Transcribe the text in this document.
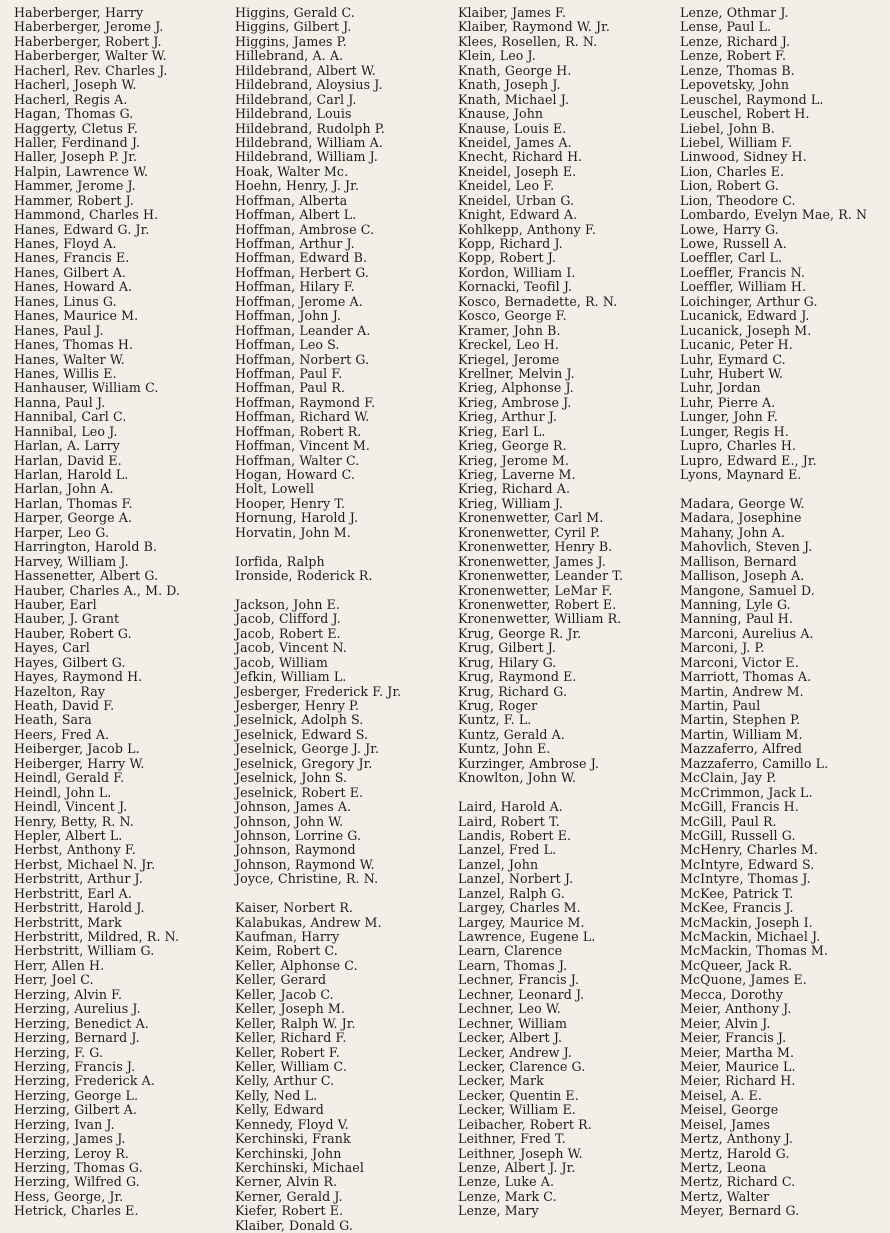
Haberberger, Harry
Haberberger, Jerome J.
Haberberger, Robert J.
Haberberger, Walter W.
Hacherl, Rev. Charles J.
Hacherl, Joseph W.
Hacherl, Regis A.
Hagan, Thomas G.
Haggerty, Cletus F.
Haller, Ferdinand J.
Haller, Joseph P. Jr.
Halpin, Lawrence W.
Hammer, Jerome J.
Hammer, Robert J.
Hammond, Charles H.
Hanes, Edward G. Jr.
Hanes, Floyd A.
Hanes, Francis E.
Hanes, Gilbert A.
Hanes, Howard A.
Hanes, Linus G.
Hanes, Maurice M.
Hanes, Paul J.
Hanes, Thomas H.
Hanes, Walter W.
Hanes, Willis E.
Hanhauser, William C.
Hanna, Paul J.
Hannibal, Carl C.
Hannibal, Leo J.
Harlan, A. Larry
Harlan, David E.
Harlan, Harold L.
Harlan, John A.
Harlan, Thomas F.
Harper, George A.
Harper, Leo G.
Harrington, Harold B.
Harvey, William J.
Hassenetter, Albert G.
Hauber, Charles A., M. D.
Hauber, Earl
Hauber, J. Grant
Hauber, Robert G.
Hayes, Carl
Hayes, Gilbert G.
Hayes, Raymond H.
Hazelton, Ray
Heath, David F.
Heath, Sara
Heers, Fred A.
Heiberger, Jacob L.
Heiberger, Harry W.
Heindl, Gerald F.
Heindl, John L.
Heindl, Vincent J.
Henry, Betty, R. N.
Hepler, Albert L.
Herbst, Anthony F.
Herbst, Michael N. Jr.
Herbstritt, Arthur J.
Herbstritt, Earl A.
Herbstritt, Harold J.
Herbstritt, Mark
Herbstritt, Mildred, R. N.
Herbstritt, William G.
Herr, Allen H.
Herr, Joel C.
Herzing, Alvin F.
Herzing, Aurelius J.
Herzing, Benedict A.
Herzing, Bernard J.
Herzing, F. G.
Herzing, Francis J.
Herzing, Frederick A.
Herzing, George L.
Herzing, Gilbert A.
Herzing, Ivan J.
Herzing, James J.
Herzing, Leroy R.
Herzing, Thomas G.
Herzing, Wilfred G.
Hess, George, Jr.
Hetrick, Charles E.
Higgins, Gerald C.
Higgins, Gilbert J.
Higgins, James P.
Hillebrand, A. A.
Hildebrand, Albert W.
Hildebrand, Aloysius J.
Hildebrand, Carl J.
Hildebrand, Louis
Hildebrand, Rudolph P.
Hildebrand, William A.
Hildebrand, William J.
Hoak, Walter Mc.
Hoehn, Henry, J. Jr.
Hoffman, Alberta
Hoffman, Albert L.
Hoffman, Ambrose C.
Hoffman, Arthur J.
Hoffman, Edward B.
Hoffman, Herbert G.
Hoffman, Hilary F.
Hoffman, Jerome A.
Hoffman, John J.
Hoffman, Leander A.
Hoffman, Leo S.
Hoffman, Norbert G.
Hoffman, Paul F.
Hoffman, Paul R.
Hoffman, Raymond F.
Hoffman, Richard W.
Hoffman, Robert R.
Hoffman, Vincent M.
Hoffman, Walter C.
Hogan, Howard C.
Holt, Lowell
Hooper, Henry T.
Hornung, Harold J.
Horvatin, John M.
Iorfida, Ralph
Ironside, Roderick R.
Jackson, John E.
Jacob, Clifford J.
Jacob, Robert E.
Jacob, Vincent N.
Jacob, William
Jefkin, William L.
Jesberger, Frederick F. Jr.
Jesberger, Henry P.
Jeselnick, Adolph S.
Jeselnick, Edward S.
Jeselnick, George J. Jr.
Jeselnick, Gregory Jr.
Jeselnick, John S.
Jeselnick, Robert E.
Johnson, James A.
Johnson, John W.
Johnson, Lorrine G.
Johnson, Raymond
Johnson, Raymond W.
Joyce, Christine, R. N.
Kaiser, Norbert R.
Kalabukas, Andrew M.
Kaufman, Harry
Keim, Robert C.
Keller, Alphonse C.
Keller, Gerard
Keller, Jacob C.
Keller, Joseph M.
Keller, Ralph W. Jr.
Keller, Richard F.
Keller, Robert F.
Keller, William C.
Kelly, Arthur C.
Kelly, Ned L.
Kelly, Edward
Kennedy, Floyd V.
Kerchinski, Frank
Kerchinski, John
Kerchinski, Michael
Kerner, Alvin R.
Kerner, Gerald J.
Kiefer, Robert E.
Klaiber, Donald G.
Klaiber, James F.
Klaiber, Raymond W. Jr.
Klees, Rosellen, R. N.
Klein, Leo J.
Knath, George H.
Knath, Joseph J.
Knath, Michael J.
Knause, John
Knause, Louis E.
Kneidel, James A.
Knecht, Richard H.
Kneidel, Joseph E.
Kneidel, Leo F.
Kneidel, Urban G.
Knight, Edward A.
Kohlkepp, Anthony F.
Kopp, Richard J.
Kopp, Robert J.
Kordon, William I.
Kornacki, Teofil J.
Kosco, Bernadette, R. N.
Kosco, George F.
Kramer, John B.
Kreckel, Leo H.
Kriegel, Jerome
Krellner, Melvin J.
Krieg, Alphonse J.
Krieg, Ambrose J.
Krieg, Arthur J.
Krieg, Earl L.
Krieg, George R.
Krieg, Jerome M.
Krieg, Laverne M.
Krieg, Richard A.
Krieg, William J.
Kronenwetter, Carl M.
Kronenwetter, Cyril P.
Kronenwetter, Henry B.
Kronenwetter, James J.
Kronenwetter, Leander T.
Kronenwetter, LeMar F.
Kronenwetter, Robert E.
Kronenwetter, William R.
Krug, George R. Jr.
Krug, Gilbert J.
Krug, Hilary G.
Krug, Raymond E.
Krug, Richard G.
Krug, Roger
Kuntz, F. L.
Kuntz, Gerald A.
Kuntz, John E.
Kurzinger, Ambrose J.
Knowlton, John W.
Laird, Harold A.
Laird, Robert T.
Landis, Robert E.
Lanzel, Fred L.
Lanzel, John
Lanzel, Norbert J.
Lanzel, Ralph G.
Largey, Charles M.
Largey, Maurice M.
Lawrence, Eugene L.
Learn, Clarence
Learn, Thomas J.
Lechner, Francis J.
Lechner, Leonard J.
Lechner, Leo W.
Lechner, William
Lecker, Albert J.
Lecker, Andrew J.
Lecker, Clarence G.
Lecker, Mark
Lecker, Quentin E.
Lecker, William E.
Leibacher, Robert R.
Leithner, Fred T.
Leithner, Joseph W.
Lenze, Albert J. Jr.
Lenze, Luke A.
Lenze, Mark C.
Lenze, Mary
Lenze, Othmar J.
Lense, Paul L.
Lenze, Richard J.
Lenze, Robert F.
Lenze, Thomas B.
Lepovetsky, John
Leuschel, Raymond L.
Leuschel, Robert H.
Liebel, John B.
Liebel, William F.
Linwood, Sidney H.
Lion, Charles E.
Lion, Robert G.
Lion, Theodore C.
Lombardo, Evelyn Mae, R. N
Lowe, Harry G.
Lowe, Russell A.
Loeffler, Carl L.
Loeffler, Francis N.
Loeffler, William H.
Loichinger, Arthur G.
Lucanick, Edward J.
Lucanick, Joseph M.
Lucanic, Peter H.
Luhr, Eymard C.
Luhr, Hubert W.
Luhr, Jordan
Luhr, Pierre A.
Lunger, John F.
Lunger, Regis H.
Lupro, Charles H.
Lupro, Edward E., Jr.
Lyons, Maynard E.
Madara, George W.
Madara, Josephine
Mahany, John A.
Mahovlich, Steven J.
Mallison, Bernard
Mallison, Joseph A.
Mangone, Samuel D.
Manning, Lyle G.
Manning, Paul H.
Marconi, Aurelius A.
Marconi, J. P.
Marconi, Victor E.
Marriott, Thomas A.
Martin, Andrew M.
Martin, Paul
Martin, Stephen P.
Martin, William M.
Mazzaferro, Alfred
Mazzaferro, Camillo L.
McClain, Jay P.
McCrimmon, Jack L.
McGill, Francis H.
McGill, Paul R.
McGill, Russell G.
McHenry, Charles M.
McIntyre, Edward S.
McIntyre, Thomas J.
McKee, Patrick T.
McKee, Francis J.
McMackin, Joseph I.
McMackin, Michael J.
McMackin, Thomas M.
McQueer, Jack R.
McQuone, James E.
Mecca, Dorothy
Meier, Anthony J.
Meier, Alvin J.
Meier, Francis J.
Meier, Martha M.
Meier, Maurice L.
Meier, Richard H.
Meisel, A. E.
Meisel, George
Meisel, James
Mertz, Anthony J.
Mertz, Harold G.
Mertz, Leona
Mertz, Richard C.
Mertz, Walter
Meyer, Bernard G.
